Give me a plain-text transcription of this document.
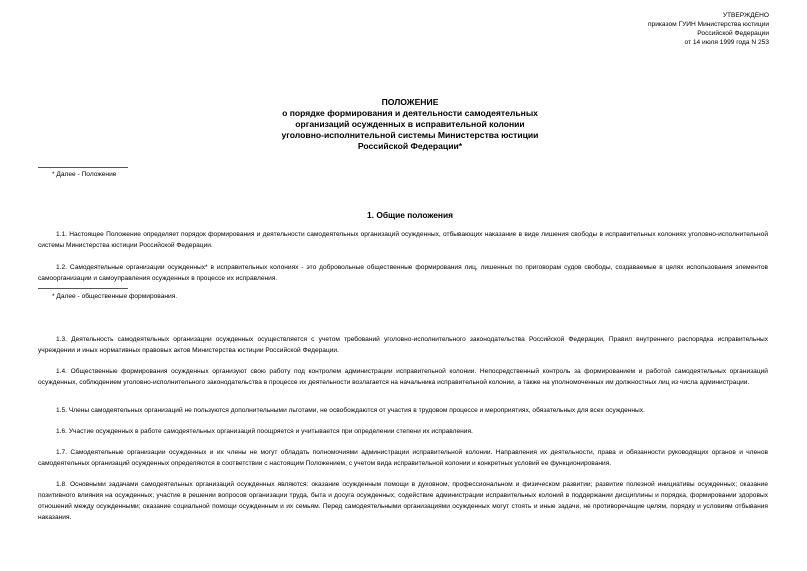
УТВЕРЖДЕНО
приказом ГУИН Министерства юстиции
Российской Федерации
от 14 июля 1999 года N 253
ПОЛОЖЕНИЕ
о порядке формирования и деятельности самодеятельных
организаций осужденных в исправительной колонии
уголовно-исполнительной системы Министерства юстиции
Российской Федерации*
* Далее - Положение
1. Общие положения
1.1. Настоящее Положение определяет порядок формирования и деятельности самодеятельных организаций осужденных, отбывающих наказание в виде лишения свободы в исправительных колониях уголовно-исполнительной системы Министерства юстиции Российской Федерации.
1.2. Самодеятельные организации осужденных* в исправительных колониях - это добровольные общественные формирования лиц, лишенных по приговорам судов свободы, создаваемые в целях использования элементов самоорганизации и самоуправления осужденных в процессе их исправления.
* Далее - общественные формирования.
1.3. Деятельность самодеятельных организации осужденных осуществляется с учетом требований уголовно-исполнительного законодательства Российской Федерации, Правил внутреннего распорядка исправительных учреждении и иных нормативных правовых актов Министерства юстиции Российской Федерации.
1.4. Общественные формирования осужденных организуют свою работу под контролем администрации исправительной колонии. Непосредственный контроль за формированием и работой самодеятельных организаций осужденных, соблюдением уголовно-исполнительного законодательства в процессе их деятельности возлагается на начальника исправительной колонии, а также на уполномоченных им должностных лиц из числа администрации.
1.5. Члены самодеятельных организаций не пользуются дополнительными льготами, не освобождаются от участия в трудовом процессе и мероприятиях, обязательных для всех осужденных.
1.6. Участие осужденных в работе самодеятельных организаций поощряется и учитывается при определении степени их исправления.
1.7. Самодеятельные организации осужденных и их члены не могут обладать полномочиями администрации исправительной колонии. Направления их деятельности, права и обязанности руководящих органов и членов самодеятельных организаций осужденных определяются в соответствии с настоящим Положением, с учетом вида исправительной колонии и конкретных условий ее функционирования.
1.8. Основными задачами самодеятельных организаций осужденных являются: оказание осужденным помощи в духовном, профессиональном и физическом развитии; развитие полезной инициативы осужденных; оказание позитивного влияния на осужденных; участие в решении вопросов организации труда, быта и досуга осужденных; содействие администрации исправительных колоний в поддержании дисциплины и порядка, формировании здоровых отношений между осужденными; оказание социальной помощи осужденным и их семьям. Перед самодеятельными организациями осужденных могут стоять и иные задачи, не противоречащие целям, порядку и условиям отбывания наказания.
